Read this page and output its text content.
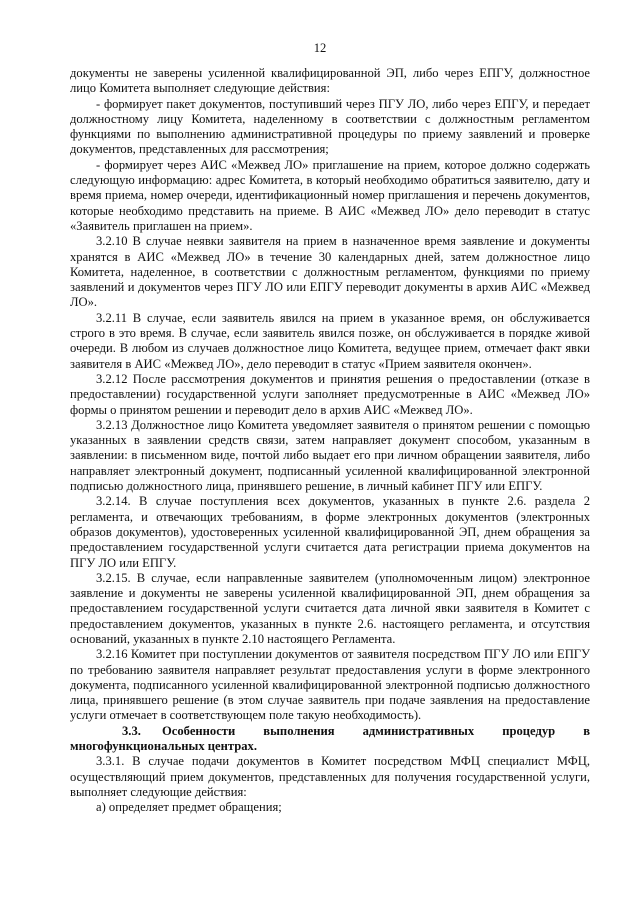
12

документы не заверены усиленной квалифицированной ЭП, либо через ЕПГУ, должностное лицо Комитета выполняет следующие действия:

- формирует пакет документов, поступивший через ПГУ ЛО, либо через ЕПГУ, и передает должностному лицу Комитета, наделенному в соответствии с должностным регламентом функциями по выполнению административной процедуры по приему заявлений и проверке документов, представленных для рассмотрения;

- формирует через АИС «Межвед ЛО» приглашение на прием, которое должно содержать следующую информацию: адрес Комитета, в который необходимо обратиться заявителю, дату и время приема, номер очереди, идентификационный номер приглашения и перечень документов, которые необходимо представить на приеме. В АИС «Межвед ЛО» дело переводит в статус «Заявитель приглашен на прием».

3.2.10 В случае неявки заявителя на прием в назначенное время заявление и документы хранятся в АИС «Межвед ЛО» в течение 30 календарных дней, затем должностное лицо Комитета, наделенное, в соответствии с должностным регламентом, функциями по приему заявлений и документов через ПГУ ЛО или ЕПГУ переводит документы в архив АИС «Межвед ЛО».

3.2.11 В случае, если заявитель явился на прием в указанное время, он обслуживается строго в это время. В случае, если заявитель явился позже, он обслуживается в порядке живой очереди. В любом из случаев должностное лицо Комитета, ведущее прием, отмечает факт явки заявителя в АИС «Межвед ЛО», дело переводит в статус «Прием заявителя окончен».

3.2.12 После рассмотрения документов и принятия решения о предоставлении (отказе в предоставлении) государственной услуги заполняет предусмотренные в АИС «Межвед ЛО» формы о принятом решении и переводит дело в архив АИС «Межвед ЛО».

3.2.13 Должностное лицо Комитета уведомляет заявителя о принятом решении с помощью указанных в заявлении средств связи, затем направляет документ способом, указанным в заявлении: в письменном виде, почтой либо выдает его при личном обращении заявителя, либо направляет электронный документ, подписанный усиленной квалифицированной электронной подписью должностного лица, принявшего решение, в личный кабинет ПГУ или ЕПГУ.

3.2.14. В случае поступления всех документов, указанных в пункте 2.6. раздела 2 регламента, и отвечающих требованиям, в форме электронных документов (электронных образов документов), удостоверенных усиленной квалифицированной ЭП, днем обращения за предоставлением государственной услуги считается дата регистрации приема документов на ПГУ ЛО или ЕПГУ.

3.2.15. В случае, если направленные заявителем (уполномоченным лицом) электронное заявление и документы не заверены усиленной квалифицированной ЭП, днем обращения за предоставлением государственной услуги считается дата личной явки заявителя в Комитет с предоставлением документов, указанных в пункте 2.6. настоящего регламента, и отсутствия оснований, указанных в пункте 2.10 настоящего Регламента.

3.2.16 Комитет при поступлении документов от заявителя посредством ПГУ ЛО или ЕПГУ по требованию заявителя направляет результат предоставления услуги в форме электронного документа, подписанного усиленной квалифицированной электронной подписью должностного лица, принявшего решение (в этом случае заявитель при подаче заявления на предоставление услуги отмечает в соответствующем поле такую необходимость).

3.3. Особенности выполнения административных процедур в многофункциональных центрах.

3.3.1. В случае подачи документов в Комитет посредством МФЦ специалист МФЦ, осуществляющий прием документов, представленных для получения государственной услуги, выполняет следующие действия:

а) определяет предмет обращения;
